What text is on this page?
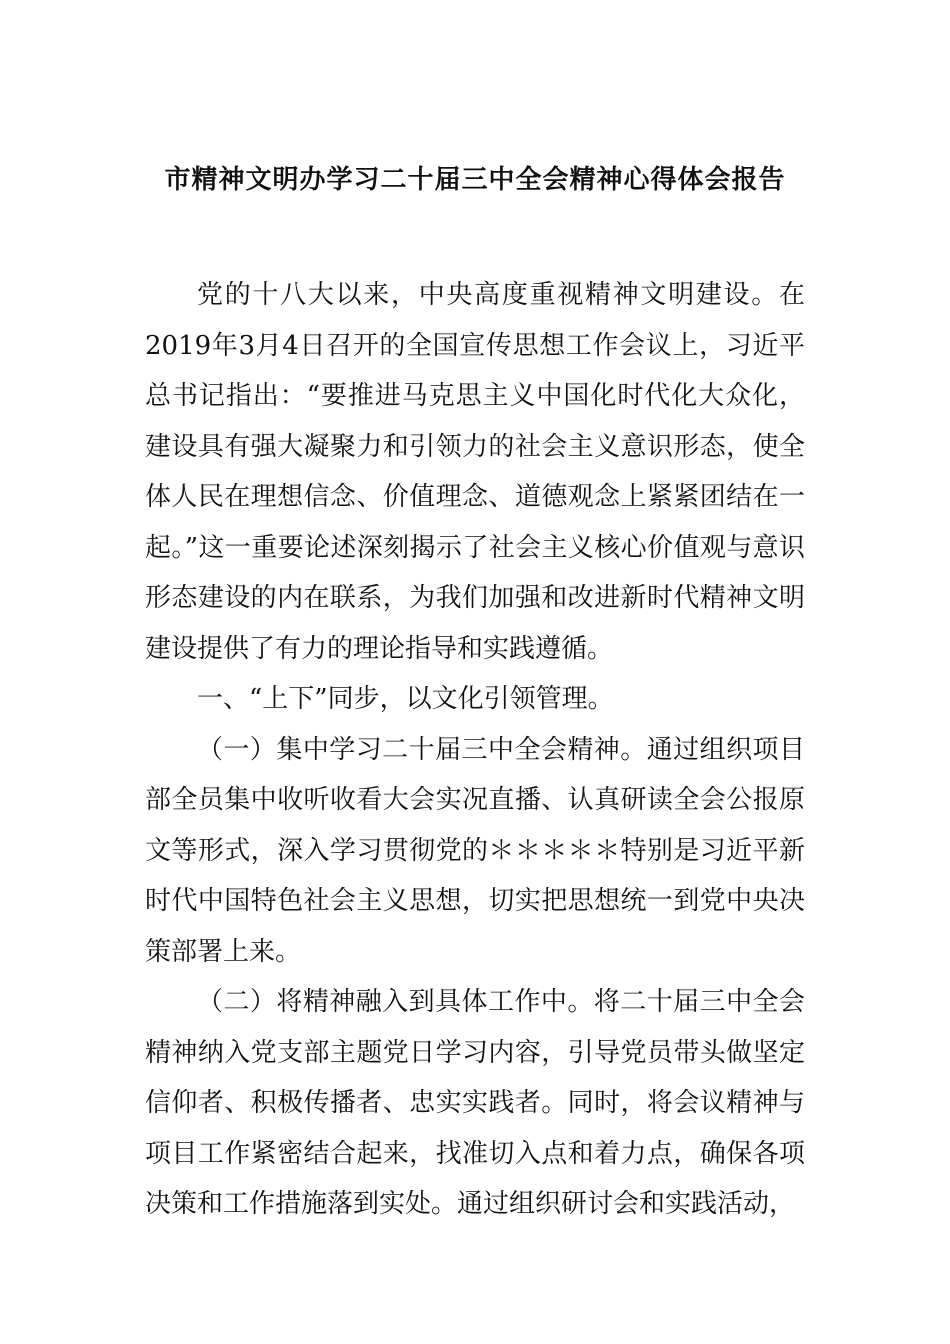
市精神文明办学习二十届三中全会精神心得体会报告

党的十八大以来，中央高度重视精神文明建设。在2019年3月4日召开的全国宣传思想工作会议上，习近平总书记指出：“要推进马克思主义中国化时代化大众化，建设具有强大凝聚力和引领力的社会主义意识形态，使全体人民在理想信念、价值理念、道德观念上紧紧团结在一起。”这一重要论述深刻揭示了社会主义核心价值观与意识形态建设的内在联系，为我们加强和改进新时代精神文明建设提供了有力的理论指导和实践遵循。

一、“上下”同步，以文化引领管理。

（一）集中学习二十届三中全会精神。通过组织项目部全员集中收听收看大会实况直播、认真研读全会公报原文等形式，深入学习贯彻党的＊＊＊＊＊特别是习近平新时代中国特色社会主义思想，切实把思想统一到党中央决策部署上来。

（二）将精神融入到具体工作中。将二十届三中全会精神纳入党支部主题党日学习内容，引导党员带头做坚定信仰者、积极传播者、忠实实践者。同时，将会议精神与项目工作紧密结合起来，找准切入点和着力点，确保各项决策和工作措施落到实处。通过组织研讨会和实践活动，
